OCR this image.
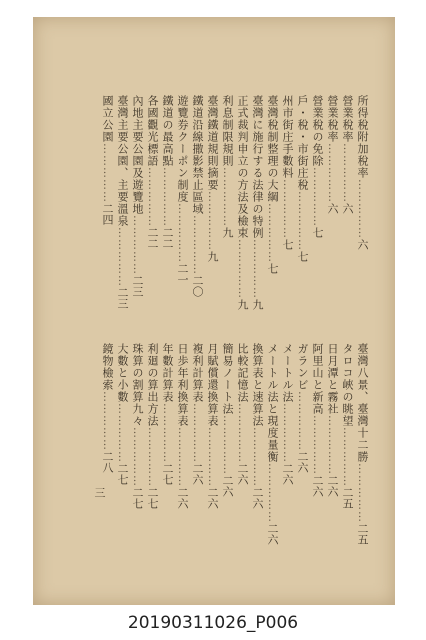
所得稅附加稅率……………六
營業稅率……………六
營業稅率……………六
營業稅の免除……………七
戶・稅・市街庄稅……………七
州市街庄手數料……………七
臺灣稅制整理の大綱……………七
臺灣に施行する法律の特例……………九
正式裁判申立の方法及檢束……………九
利息制限規則……………九
臺灣鐵道規則摘要……………九
鐵道沿線撒影禁止區域……………二〇
遊覽券クーポン制度……………二一
鐵道の最高點……………二二
各國觀光標語……………二二
內地主要公園及遊覽地……………二三
臺灣主要公園、主要溫泉……………二三
國立公園……………二四
臺灣八景、臺灣十二勝……………二五
タロコ峽の眺望……………二五
日月潭と霧社……………二六
阿里山と新高……………二六
ガランビ……………二六
メートル法……………二六
メートル法と現度量衡……………二六
換算表と速算法……………二六
比較記憶法……………二六
簡易ノート法……………二六
月賦償還換算表……………二六
複利計算表……………二六
日歩年利換算表……………二六
年數計算表……………二七
利廻の算出方法……………二七
珠算の割算九々……………二七
大數と小數……………二七
鏡物檢索……………二八
三
20190311026_P006
